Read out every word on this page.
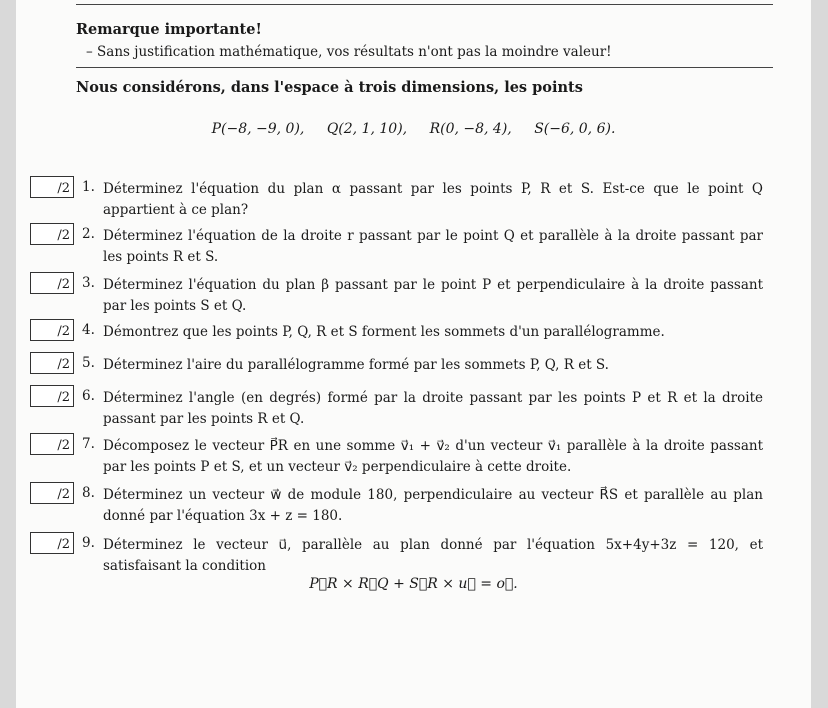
Remarque importante!
– Sans justification mathématique, vos résultats n'ont pas la moindre valeur!
Nous considérons, dans l'espace à trois dimensions, les points
P(−8, −9, 0), Q(2, 1, 10), R(0, −8, 4), S(−6, 0, 6).
/2 1. Déterminez l'équation du plan α passant par les points P, R et S. Est-ce que le point Q appartient à ce plan?
/2 2. Déterminez l'équation de la droite r passant par le point Q et parallèle à la droite passant par les points R et S.
/2 3. Déterminez l'équation du plan β passant par le point P et perpendiculaire à la droite passant par les points S et Q.
/2 4. Démontrez que les points P, Q, R et S forment les sommets d'un parallélogramme.
/2 5. Déterminez l'aire du parallélogramme formé par les sommets P, Q, R et S.
/2 6. Déterminez l'angle (en degrés) formé par la droite passant par les points P et R et la droite passant par les points R et Q.
/2 7. Décomposez le vecteur P⃗R en une somme v⃗₁ + v⃗₂ d'un vecteur v⃗₁ parallèle à la droite passant par les points P et S, et un vecteur v⃗₂ perpendiculaire à cette droite.
/2 8. Déterminez un vecteur w⃗ de module 180, perpendiculaire au vecteur R⃗S et parallèle au plan donné par l'équation 3x + z = 180.
/2 9. Déterminez le vecteur u⃗, parallèle au plan donné par l'équation 5x+4y+3z = 120, et satisfaisant la condition
P⃗R × R⃗Q + S⃗R × u⃗ = o⃗.
